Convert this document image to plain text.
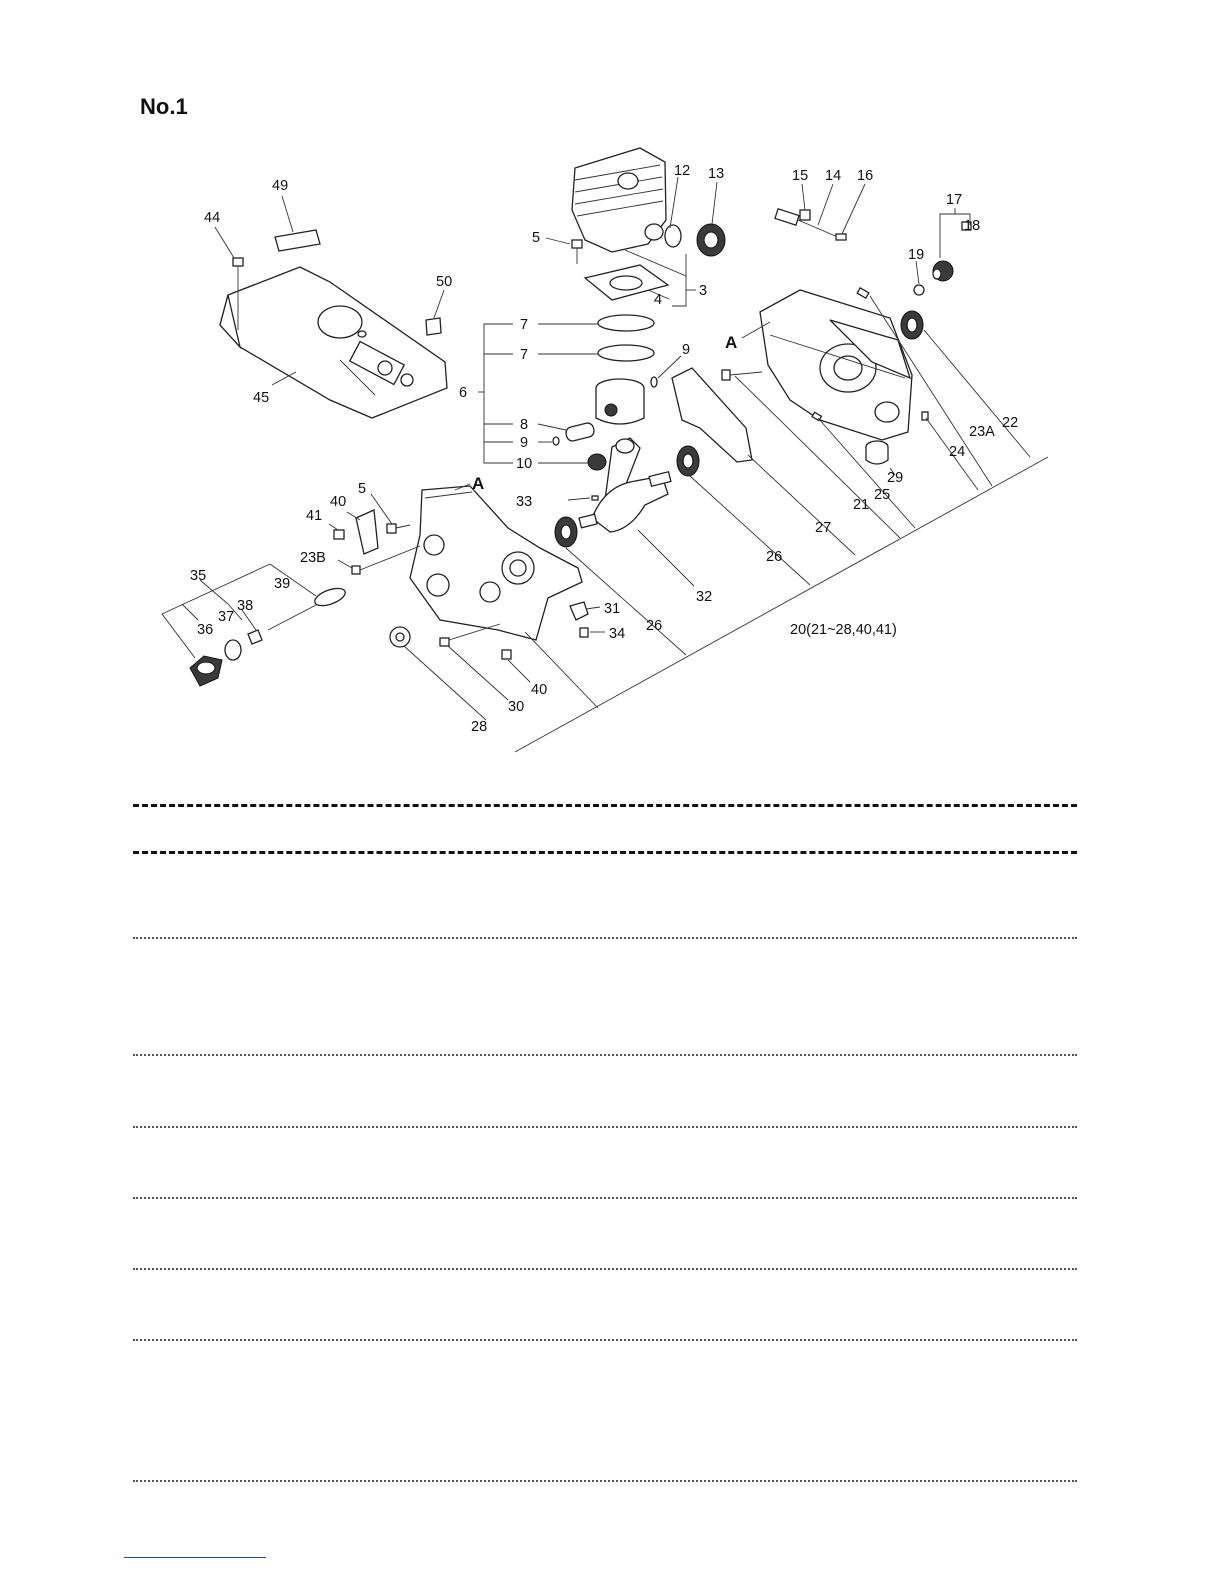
No.1
49
44
50
45
12 13
5
3
4
7
7	9
6
8
9
10
15 14 16
17
18
19
A
A
23A
22
24
29
25
21
27
26
33
32
31
34 26	20(21~28,40,41)
5
40
41
23B
35	39
38
37
36
40
30
28
